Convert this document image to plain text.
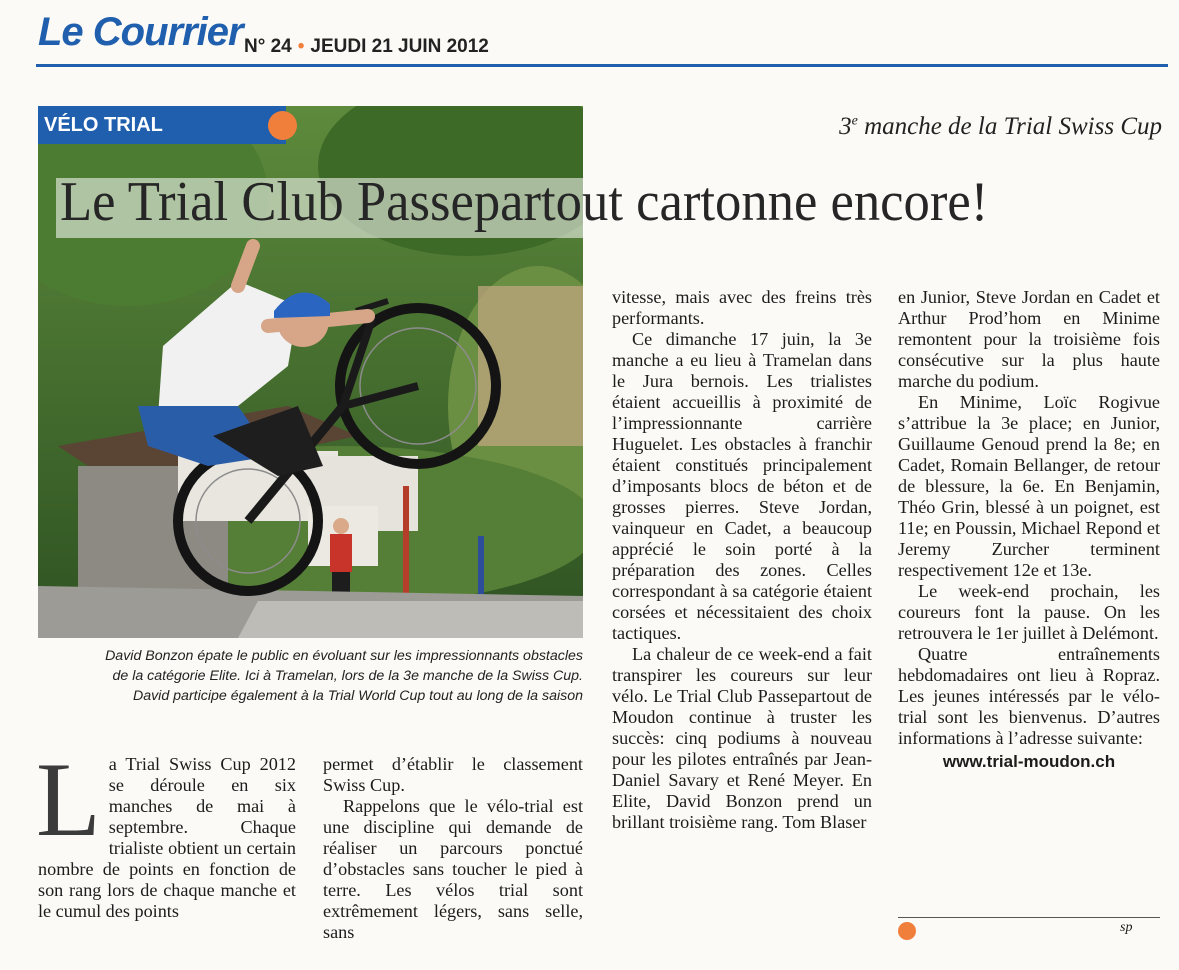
Le Courrier N° 24 • JEUDI 21 JUIN 2012
VÉLO TRIAL	3e manche de la Trial Swiss Cup
Le Trial Club Passepartout cartonne encore!
David Bonzon épate le public en évoluant sur les impressionnants obstacles
de la catégorie Elite. Ici à Tramelan, lors de la 3e manche de la Swiss Cup.
David participe également à la Trial World Cup tout au long de la saison
L a Trial Swiss Cup 2012 se déroule en six manches de mai à septembre. Chaque trialiste obtient un certain nombre de points en fonction de son rang lors de chaque manche et le cumul des points

permet d’établir le classement Swiss Cup.

Rappelons que le vélo-trial est une discipline qui demande de réaliser un parcours ponctué d’obstacles sans toucher le pied à terre. Les vélos trial sont extrêmement légers, sans selle, sans

vitesse, mais avec des freins très performants.

Ce dimanche 17 juin, la 3e manche a eu lieu à Tramelan dans le Jura bernois. Les trialistes étaient accueillis à proximité de l’impressionnante carrière Huguelet. Les obstacles à franchir étaient constitués principalement d’imposants blocs de béton et de grosses pierres. Steve Jordan, vainqueur en Cadet, a beaucoup apprécié le soin porté à la préparation des zones. Celles correspondant à sa catégorie étaient corsées et nécessitaient des choix tactiques.

La chaleur de ce week-end a fait transpirer les coureurs sur leur vélo. Le Trial Club Passepartout de Moudon continue à truster les succès: cinq podiums à nouveau pour les pilotes entraînés par Jean-Daniel Savary et René Meyer. En Elite, David Bonzon prend un brillant troisième rang. Tom Blaser

en Junior, Steve Jordan en Cadet et Arthur Prod’hom en Minime remontent pour la troisième fois consécutive sur la plus haute marche du podium.

En Minime, Loïc Rogivue s’attribue la 3e place; en Junior, Guillaume Genoud prend la 8e; en Cadet, Romain Bellanger, de retour de blessure, la 6e. En Benjamin, Théo Grin, blessé à un poignet, est 11e; en Poussin, Michael Repond et Jeremy Zurcher terminent respectivement 12e et 13e.

Le week-end prochain, les coureurs font la pause. On les retrouvera le 1er juillet à Delémont.

Quatre entraînements hebdomadaires ont lieu à Ropraz. Les jeunes intéressés par le vélo-trial sont les bienvenus. D’autres informations à l’adresse suivante:

www.trial-moudon.ch
sp
